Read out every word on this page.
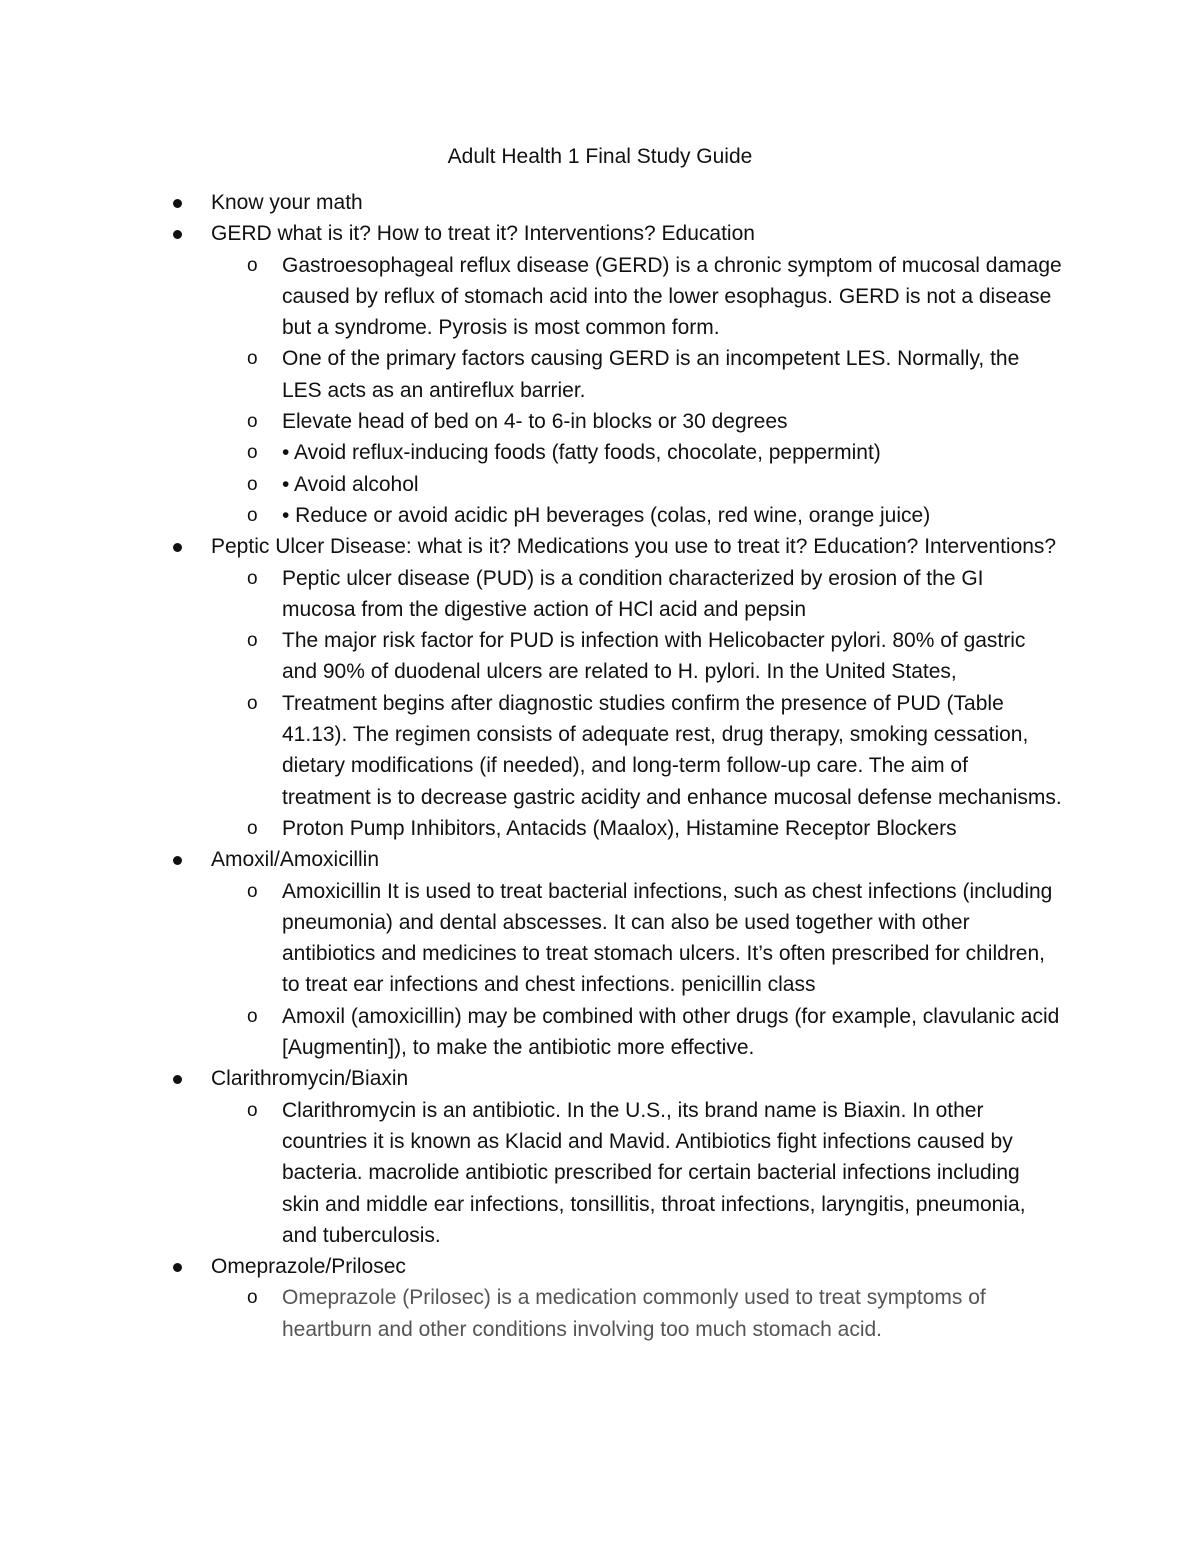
Adult Health 1 Final Study Guide
Know your math
GERD what is it? How to treat it? Interventions? Education
o Gastroesophageal reflux disease (GERD) is a chronic symptom of mucosal damage caused by reflux of stomach acid into the lower esophagus. GERD is not a disease but a syndrome. Pyrosis is most common form.
o One of the primary factors causing GERD is an incompetent LES. Normally, the LES acts as an antireflux barrier.
o Elevate head of bed on 4- to 6-in blocks or 30 degrees
o • Avoid reflux-inducing foods (fatty foods, chocolate, peppermint)
o • Avoid alcohol
o • Reduce or avoid acidic pH beverages (colas, red wine, orange juice)
Peptic Ulcer Disease: what is it? Medications you use to treat it? Education? Interventions?
o Peptic ulcer disease (PUD) is a condition characterized by erosion of the GI mucosa from the digestive action of HCl acid and pepsin
o The major risk factor for PUD is infection with Helicobacter pylori. 80% of gastric and 90% of duodenal ulcers are related to H. pylori. In the United States,
o Treatment begins after diagnostic studies confirm the presence of PUD (Table 41.13). The regimen consists of adequate rest, drug therapy, smoking cessation, dietary modifications (if needed), and long-term follow-up care. The aim of treatment is to decrease gastric acidity and enhance mucosal defense mechanisms.
o Proton Pump Inhibitors, Antacids (Maalox), Histamine Receptor Blockers
Amoxil/Amoxicillin
o Amoxicillin It is used to treat bacterial infections, such as chest infections (including pneumonia) and dental abscesses. It can also be used together with other antibiotics and medicines to treat stomach ulcers. It’s often prescribed for children, to treat ear infections and chest infections. penicillin class
o Amoxil (amoxicillin) may be combined with other drugs (for example, clavulanic acid [Augmentin]), to make the antibiotic more effective.
Clarithromycin/Biaxin
o Clarithromycin is an antibiotic. In the U.S., its brand name is Biaxin. In other countries it is known as Klacid and Mavid. Antibiotics fight infections caused by bacteria. macrolide antibiotic prescribed for certain bacterial infections including skin and middle ear infections, tonsillitis, throat infections, laryngitis, pneumonia, and tuberculosis.
Omeprazole/Prilosec
o Omeprazole (Prilosec) is a medication commonly used to treat symptoms of heartburn and other conditions involving too much stomach acid.
